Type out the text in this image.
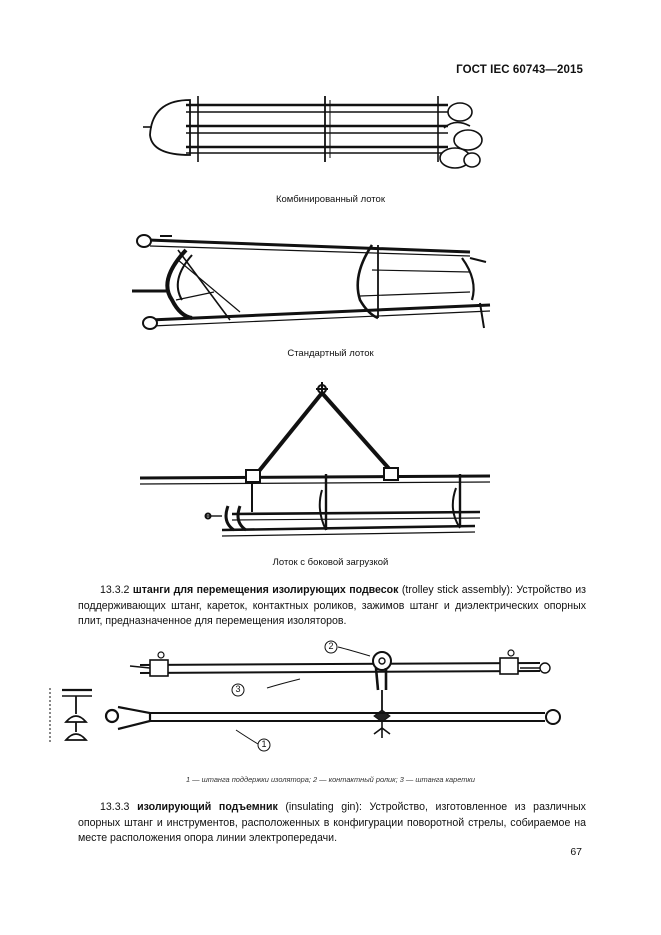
ГОСТ IEC 60743—2015
3
2
1
Комбинированный лоток
Стандартный лоток
Лоток с боковой загрузкой
13.3.2 штанги для перемещения изолирующих подвесок (trolley stick assembly): Устройство из поддерживающих штанг, кареток, контактных роликов, зажимов штанг и диэлектрических опорных плит, предназначенное для перемещения изоляторов.
1 — штанга поддержки изолятора; 2 — контактный ролик; 3 — штанга каретки
13.3.3 изолирующий подъемник (insulating gin): Устройство, изготовленное из различных опорных штанг и инструментов, расположенных в конфигурации поворотной стрелы, собираемое на месте расположения опора линии электропередачи.
67
